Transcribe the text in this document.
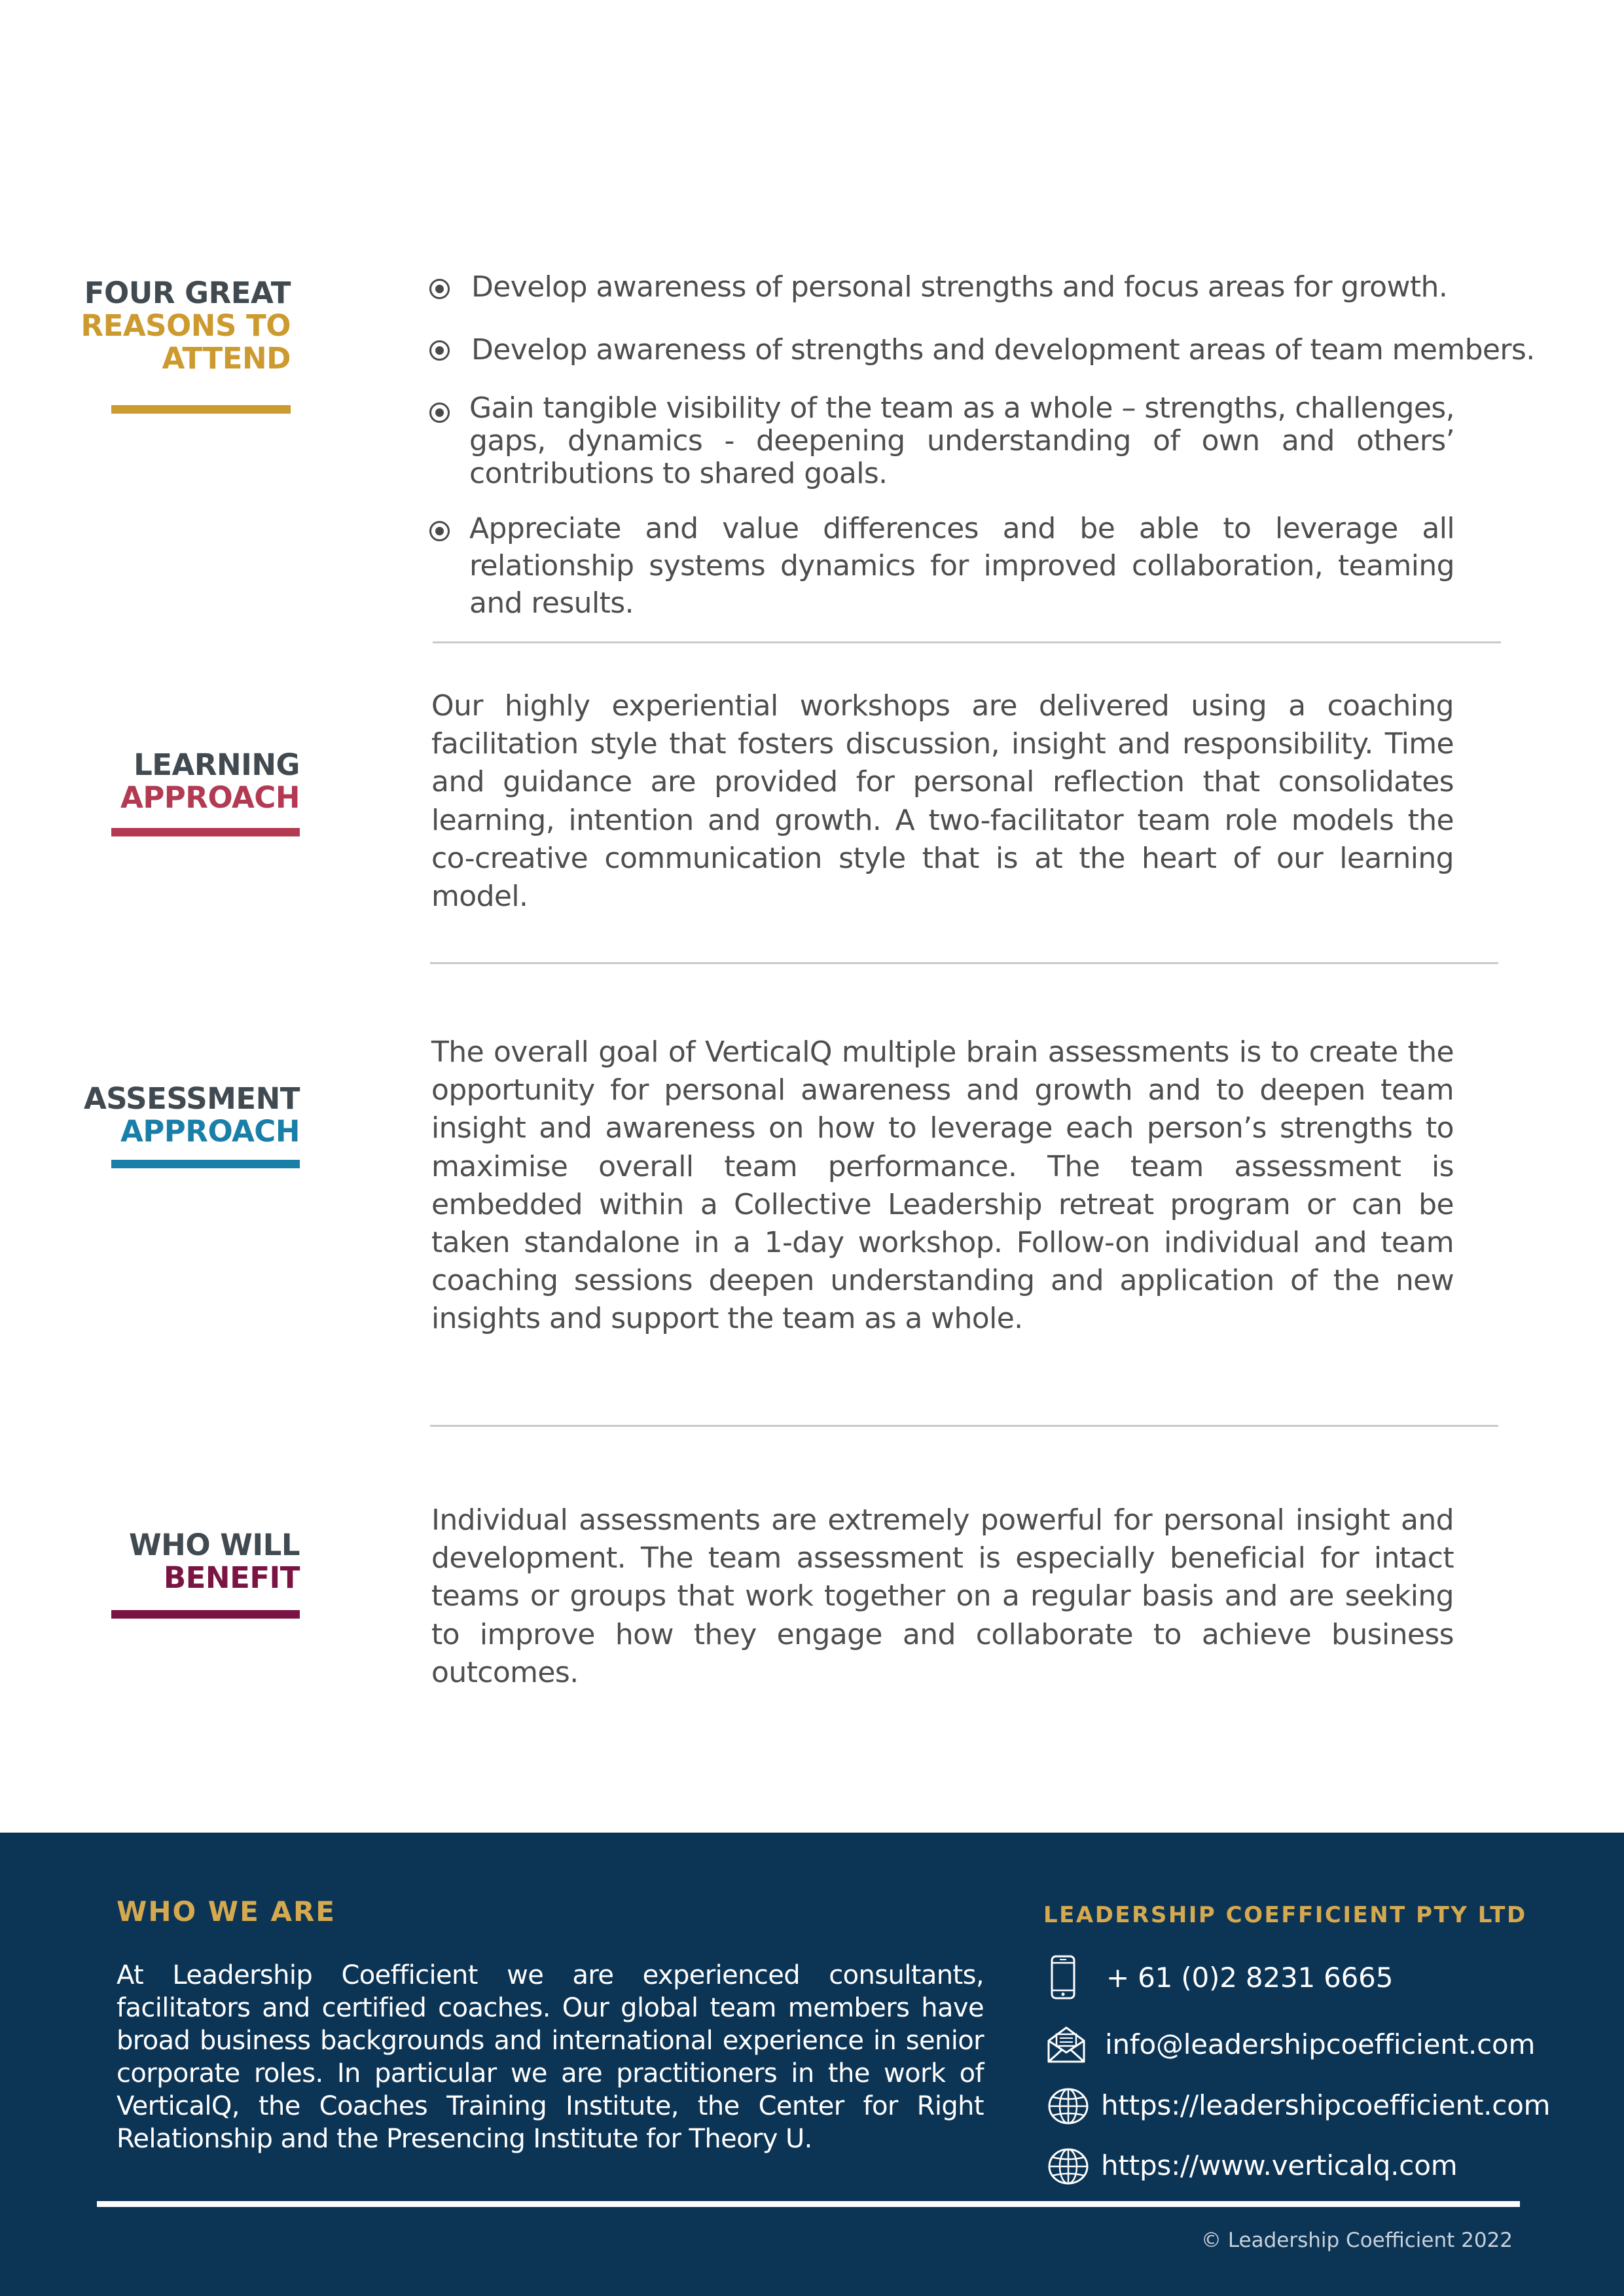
FOUR GREAT
REASONS TO
ATTEND
Develop awareness of personal strengths and focus areas for growth.
Develop awareness of strengths and development areas of team members.
Gain tangible visibility of the team as a whole – strengths, challenges, gaps, dynamics - deepening understanding of own and others’ contributions to shared goals.
Appreciate and value differences and be able to leverage all relationship systems dynamics for improved collaboration, teaming and results.
LEARNING
APPROACH
Our highly experiential workshops are delivered using a coaching facilitation style that fosters discussion, insight and responsibility. Time and guidance are provided for personal reflection that consolidates learning, intention and growth. A two-facilitator team role models the co-creative communication style that is at the heart of our learning model.
ASSESSMENT
APPROACH
The overall goal of VerticalQ multiple brain assessments is to create the opportunity for personal awareness and growth and to deepen team insight and awareness on how to leverage each person’s strengths to maximise overall team performance. The team assessment is embedded within a Collective Leadership retreat program or can be taken standalone in a 1-day workshop. Follow-on individual and team coaching sessions deepen understanding and application of the new insights and support the team as a whole.
WHO WILL
BENEFIT
Individual assessments are extremely powerful for personal insight and development. The team assessment is especially beneficial for intact teams or groups that work together on a regular basis and are seeking to improve how they engage and collaborate to achieve business outcomes.
WHO WE ARE
At Leadership Coefficient we are experienced consultants, facilitators and certified coaches. Our global team members have broad business backgrounds and international experience in senior corporate roles. In particular we are practitioners in the work of VerticalQ, the Coaches Training Institute, the Center for Right Relationship and the Presencing Institute for Theory U.
LEADERSHIP COEFFICIENT PTY LTD
+ 61 (0)2 8231 6665
info@leadershipcoefficient.com
https://leadershipcoefficient.com
https://www.verticalq.com
© Leadership Coefficient 2022
